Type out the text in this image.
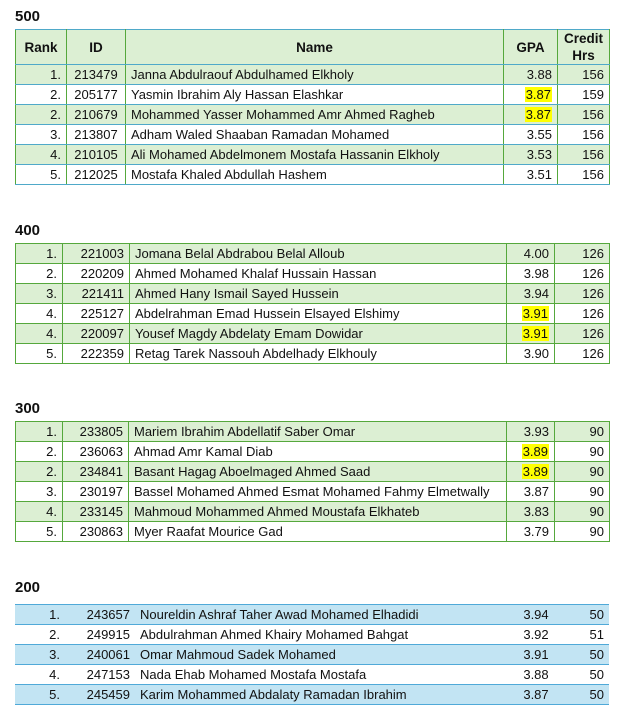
500
Rank	ID	Name	GPA	Credit
Hrs
1.	213479	Janna Abdulraouf Abdulhamed Elkholy	3.88	156
2.	205177	Yasmin Ibrahim Aly Hassan Elashkar	3.87	159
2.	210679	Mohammed Yasser Mohammed Amr Ahmed Ragheb	3.87	156
3.	213807	Adham Waled Shaaban Ramadan Mohamed	3.55	156
4.	210105	Ali Mohamed Abdelmonem Mostafa Hassanin Elkholy	3.53	156
5.	212025	Mostafa Khaled Abdullah Hashem	3.51	156
400
1.	221003	Jomana Belal Abdrabou Belal Alloub	4.00	126
2.	220209	Ahmed Mohamed Khalaf Hussain Hassan	3.98	126
3.	221411	Ahmed Hany Ismail Sayed Hussein	3.94	126
4.	225127	Abdelrahman Emad Hussein Elsayed Elshimy	3.91	126
4.	220097	Yousef Magdy Abdelaty Emam Dowidar	3.91	126
5.	222359	Retag Tarek Nassouh Abdelhady Elkhouly	3.90	126
300
1.	233805	Mariem Ibrahim Abdellatif Saber Omar	3.93	90
2.	236063	Ahmad Amr Kamal Diab	3.89	90
2.	234841	Basant Hagag Aboelmaged Ahmed Saad	3.89	90
3.	230197	Bassel Mohamed Ahmed Esmat Mohamed Fahmy Elmetwally	3.87	90
4.	233145	Mahmoud Mohammed Ahmed Moustafa Elkhateb	3.83	90
5.	230863	Myer Raafat Mourice Gad	3.79	90
200
1.	243657	Noureldin Ashraf Taher Awad Mohamed Elhadidi	3.94	50
2.	249915	Abdulrahman Ahmed Khairy Mohamed Bahgat	3.92	51
3.	240061	Omar Mahmoud Sadek Mohamed	3.91	50
4.	247153	Nada Ehab Mohamed Mostafa Mostafa	3.88	50
5.	245459	Karim Mohammed Abdalaty Ramadan Ibrahim	3.87	50
